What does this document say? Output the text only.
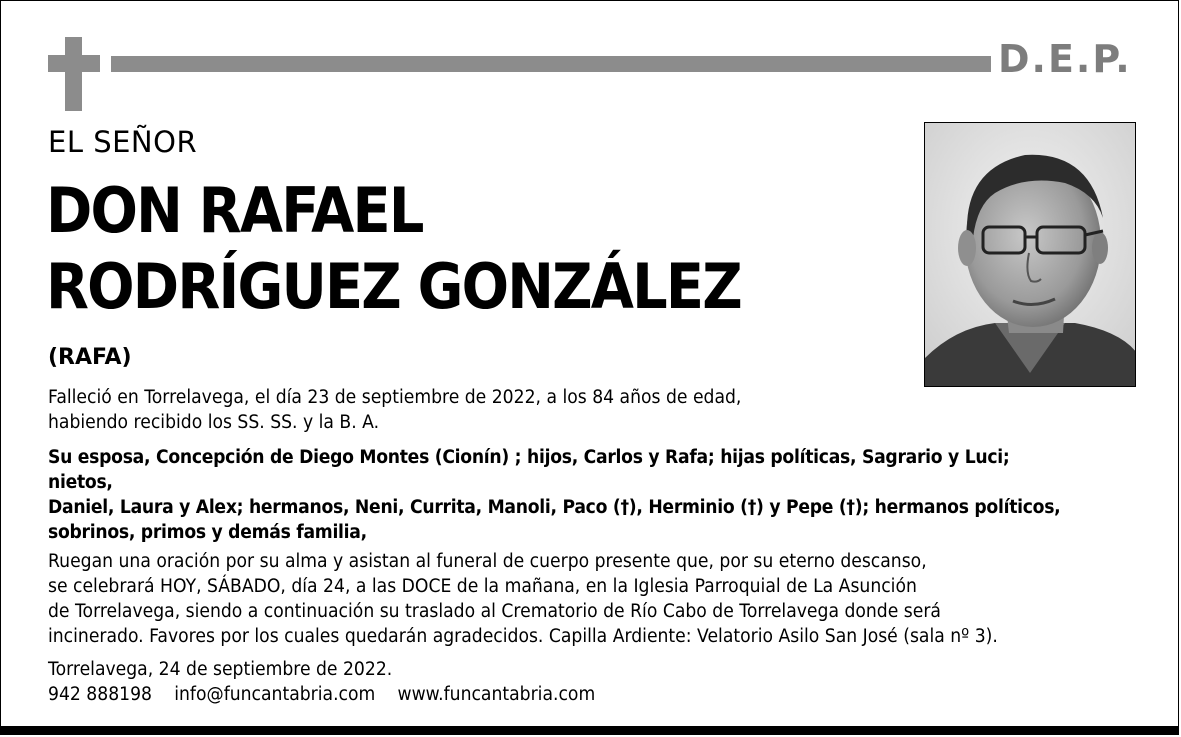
D.E.P.
EL SEÑOR
DON RAFAEL
RODRÍGUEZ GONZÁLEZ
(RAFA)
Falleció en Torrelavega, el día 23 de septiembre de 2022, a los 84 años de edad,
habiendo recibido los SS. SS. y la B. A.
Su esposa, Concepción de Diego Montes (Cionín) ; hijos, Carlos y Rafa; hijas políticas, Sagrario y Luci; nietos,
Daniel, Laura y Alex; hermanos, Neni, Currita, Manoli, Paco (†), Herminio (†) y Pepe (†); hermanos políticos,
sobrinos, primos y demás familia,
Ruegan una oración por su alma y asistan al funeral de cuerpo presente que, por su eterno descanso,
se celebrará HOY, SÁBADO, día 24, a las DOCE de la mañana, en la Iglesia Parroquial de La Asunción
de Torrelavega, siendo a continuación su traslado al Crematorio de Río Cabo de Torrelavega donde será
incinerado. Favores por los cuales quedarán agradecidos. Capilla Ardiente: Velatorio Asilo San José (sala nº 3).
Torrelavega, 24 de septiembre de 2022.
942 888198 info@funcantabria.com www.funcantabria.com
